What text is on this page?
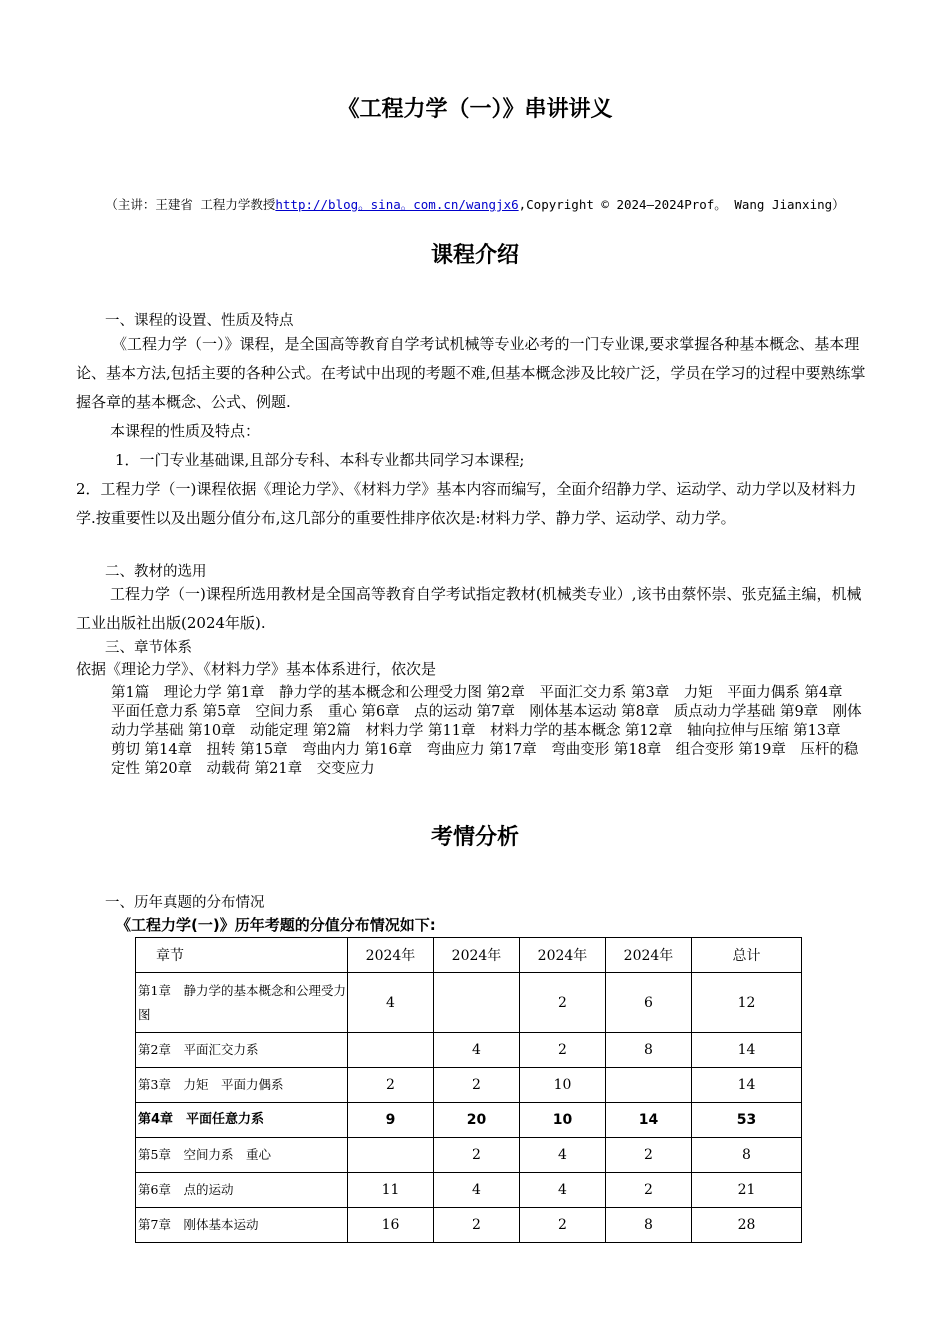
《工程力学（一）》串讲讲义
（主讲：王建省 工程力学教授http://blog。sina。com.cn/wangjx6,Copyright © 2024—2024Prof。 Wang Jianxing）
课程介绍
一、课程的设置、性质及特点
《工程力学（一）》课程，是全国高等教育自学考试机械等专业必考的一门专业课,要求掌握各种基本概念、基本理论、基本方法,包括主要的各种公式。在考试中出现的考题不难,但基本概念涉及比较广泛，学员在学习的过程中要熟练掌握各章的基本概念、公式、例题.
本课程的性质及特点：
1．一门专业基础课,且部分专科、本科专业都共同学习本课程;
2．工程力学（一)课程依据《理论力学》、《材料力学》基本内容而编写，全面介绍静力学、运动学、动力学以及材料力学.按重要性以及出题分值分布,这几部分的重要性排序依次是:材料力学、静力学、运动学、动力学。
二、教材的选用
工程力学（一)课程所选用教材是全国高等教育自学考试指定教材(机械类专业）,该书由蔡怀崇、张克猛主编，机械工业出版社出版(2024年版).
三、章节体系
依据《理论力学》、《材料力学》基本体系进行，依次是
第1篇　理论力学 第1章　静力学的基本概念和公理受力图 第2章　平面汇交力系 第3章　力矩　平面力偶系 第4章　平面任意力系 第5章　空间力系　重心 第6章　点的运动 第7章　刚体基本运动 第8章　质点动力学基础 第9章　刚体动力学基础 第10章　动能定理 第2篇　材料力学 第11章　材料力学的基本概念 第12章　轴向拉伸与压缩 第13章　剪切 第14章　扭转 第15章　弯曲内力 第16章　弯曲应力 第17章　弯曲变形 第18章　组合变形 第19章　压杆的稳定性 第20章　动载荷 第21章　交变应力
考情分析
一、历年真题的分布情况
《工程力学(一)》历年考题的分值分布情况如下:
章节	2024年	2024年	2024年	2024年	总计
第1章　静力学的基本概念和公理受力图	4		2	6	12
第2章　平面汇交力系		4	2	8	14
第3章　力矩　平面力偶系	2	2	10		14
第4章　平面任意力系	9	20	10	14	53
第5章　空间力系　重心		2	4	2	8
第6章　点的运动	11	4	4	2	21
第7章　刚体基本运动	16	2	2	8	28
